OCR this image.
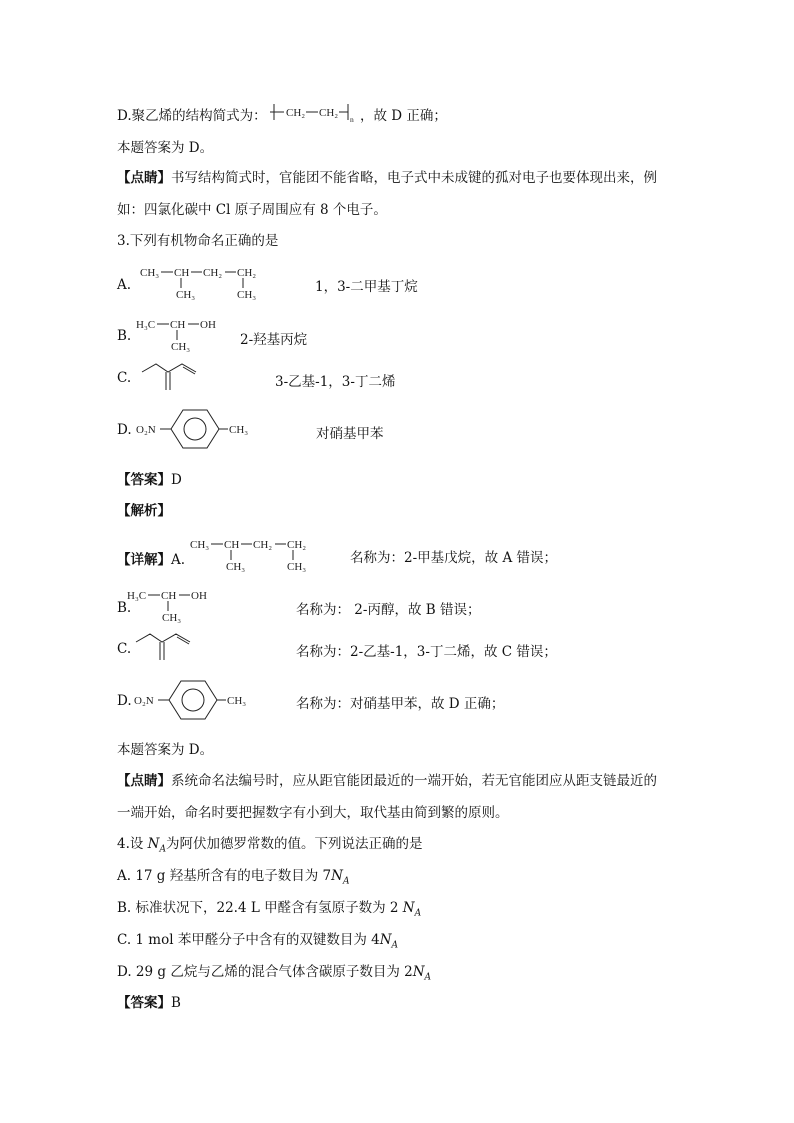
D.聚乙烯的结构简式为： CH₂ CH₂
n ，故 D 正确；
本题答案为 D。
【点睛】书写结构简式时，官能团不能省略，电子式中未成键的孤对电子也要体现出来，例
如：四氯化碳中 Cl 原子周围应有 8 个电子。
3.下列有机物命名正确的是
A.
CH₃ CH CH₂ CH₂
CH₃	CH₃	1，3-二甲基丁烷
B.
H₃C CH OH
CH₃	2-羟基丙烷
C.	3-乙基-1，3-丁二烯
D. O₂N	CH₃	对硝基甲苯
【答案】D
【解析】
【详解】A.
CH₃ CH CH₂ CH₂
CH₃	CH₃
名称为：2-甲基戊烷，故 A 错误；
B.
H₃C CH OH
CH₃	名称为： 2-丙醇，故 B 错误；
C.	名称为：2-乙基-1，3-丁二烯，故 C 错误；
D. O₂N	CH₃	名称为：对硝基甲苯，故 D 正确；
本题答案为 D。
【点睛】系统命名法编号时，应从距官能团最近的一端开始，若无官能团应从距支链最近的
一端开始，命名时要把握数字有小到大，取代基由简到繁的原则。
4.设 $N_A$为阿伏加德罗常数的值。下列说法正确的是
A. 17 g 羟基所含有的电子数目为 $7N_A$
B. 标准状况下，22.4 L 甲醛含有氢原子数为 2 $N_A$
C. 1 mol 苯甲醛分子中含有的双键数目为 $4N_A$
D. 29 g 乙烷与乙烯的混合气体含碳原子数目为 $2N_A$
【答案】B
